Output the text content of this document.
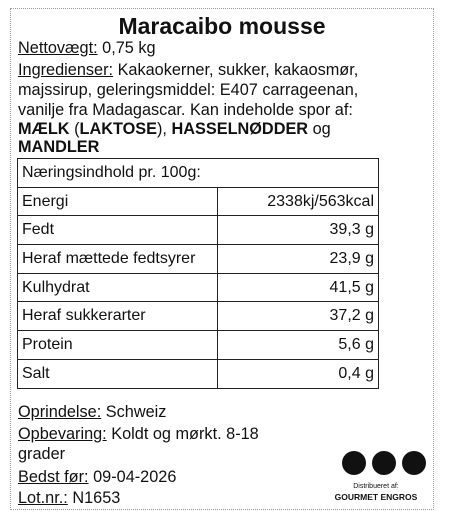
Maracaibo mousse
Nettovægt: 0,75 kg
Ingredienser: Kakaokerner, sukker, kakaosmør,
majssirup, geleringsmiddel: E407 carrageenan,
vanilje fra Madagascar. Kan indeholde spor af:
MÆLK (LAKTOSE), HASSELNØDDER og
MANDLER
Næringsindhold pr. 100g:	
Energi	2338kj/563kcal
Fedt	39,3 g
Heraf mættede fedtsyrer	23,9 g
Kulhydrat	41,5 g
Heraf sukkerarter	37,2 g
Protein	5,6 g
Salt	0,4 g
Oprindelse: Schweiz
Opbevaring: Koldt og mørkt. 8-18
grader
Bedst før: 09-04-2026
Lot.nr.: N1653
Distribueret af:
GOURMET ENGROS
